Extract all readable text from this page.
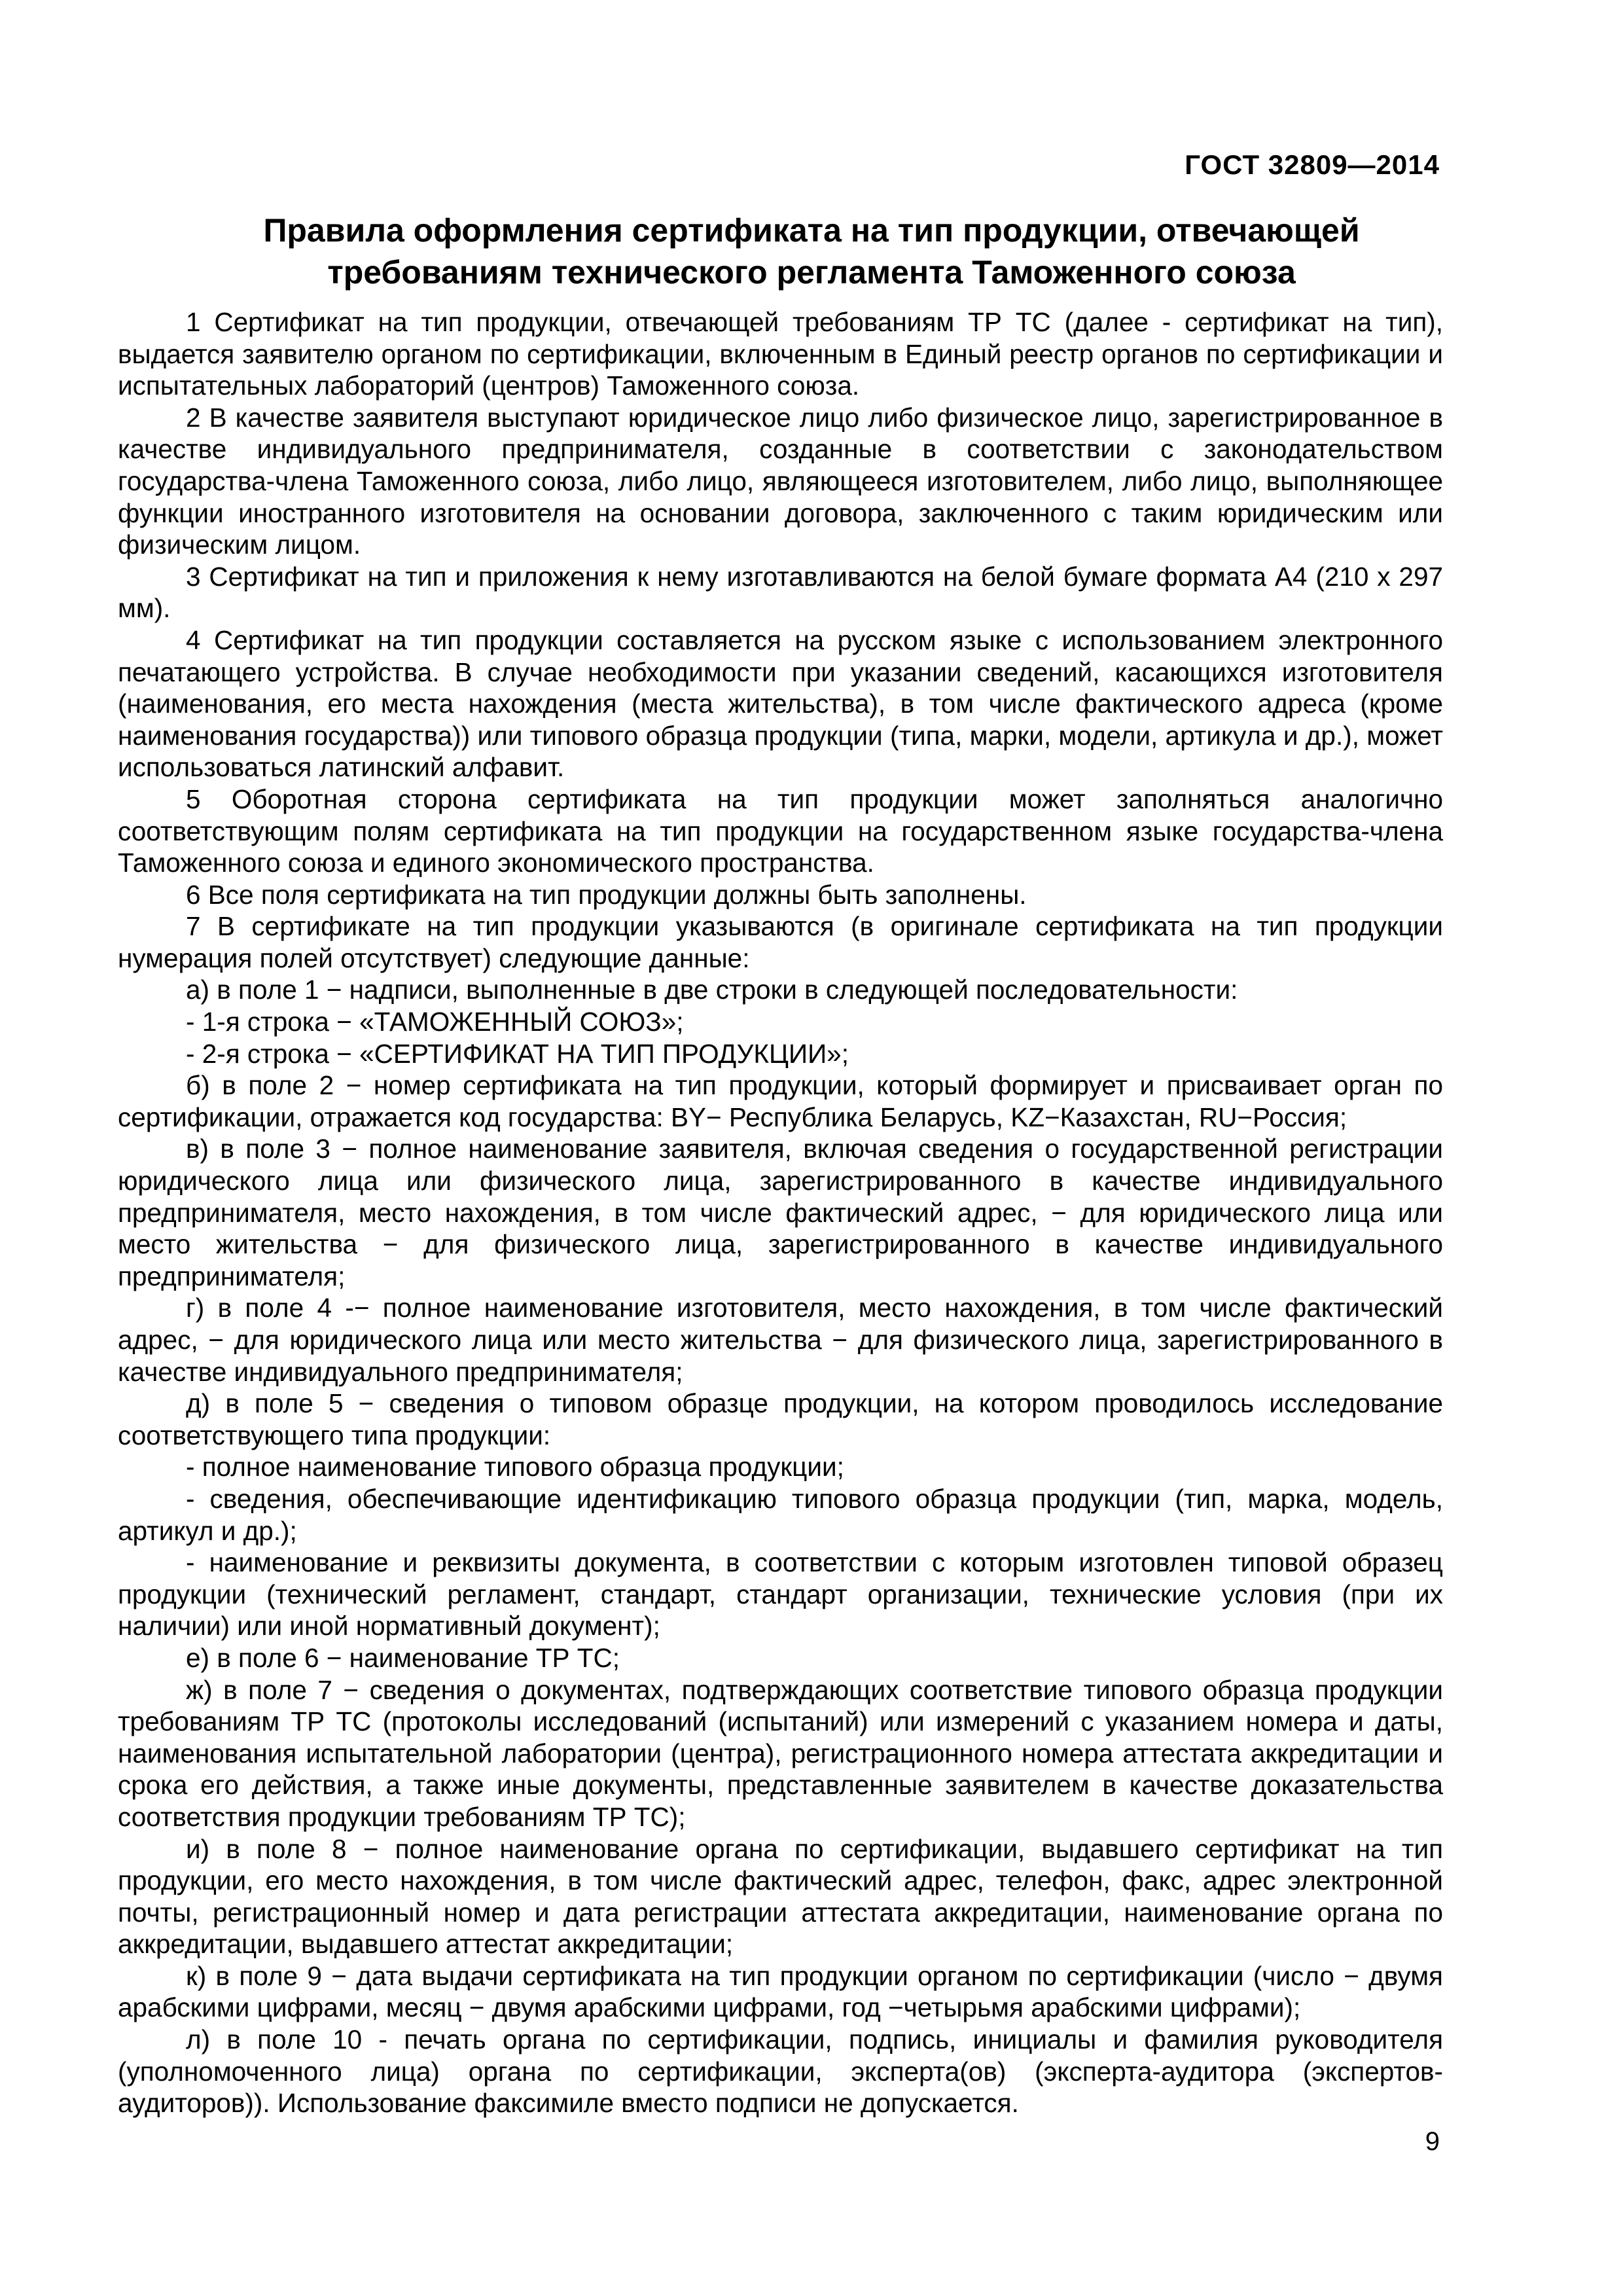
ГОСТ 32809—2014
Правила оформления сертификата на тип продукции, отвечающей
требованиям технического регламента Таможенного союза

1 Сертификат на тип продукции, отвечающей требованиям ТР ТС (далее - сертификат на тип), выдается заявителю органом по сертификации, включенным в Единый реестр органов по сертификации и испытательных лабораторий (центров) Таможенного союза.

2 В качестве заявителя выступают юридическое лицо либо физическое лицо, зарегистрированное в качестве индивидуального предпринимателя, созданные в соответствии с законодательством государства-члена Таможенного союза, либо лицо, являющееся изготовителем, либо лицо, выполняющее функции иностранного изготовителя на основании договора, заключенного с таким юридическим или физическим лицом.

3 Сертификат на тип и приложения к нему изготавливаются на белой бумаге формата А4 (210 х 297 мм).

4 Сертификат на тип продукции составляется на русском языке с использованием электронного печатающего устройства. В случае необходимости при указании сведений, касающихся изготовителя (наименования, его места нахождения (места жительства), в том числе фактического адреса (кроме наименования государства)) или типового образца продукции (типа, марки, модели, артикула и др.), может использоваться латинский алфавит.

5 Оборотная сторона сертификата на тип продукции может заполняться аналогично соответствующим полям сертификата на тип продукции на государственном языке государства-члена Таможенного союза и единого экономического пространства.

6 Все поля сертификата на тип продукции должны быть заполнены.

7 В сертификате на тип продукции указываются (в оригинале сертификата на тип продукции нумерация полей отсутствует) следующие данные:

а) в поле 1 − надписи, выполненные в две строки в следующей последовательности:

- 1-я строка − «ТАМОЖЕННЫЙ СОЮЗ»;

- 2-я строка − «СЕРТИФИКАТ НА ТИП ПРОДУКЦИИ»;

б) в поле 2 − номер сертификата на тип продукции, который формирует и присваивает орган по сертификации, отражается код государства: BY− Республика Беларусь, KZ−Казахстан, RU−Россия;

в) в поле 3 − полное наименование заявителя, включая сведения о государственной регистрации юридического лица или физического лица, зарегистрированного в качестве индивидуального предпринимателя, место нахождения, в том числе фактический адрес, − для юридического лица или место жительства − для физического лица, зарегистрированного в качестве индивидуального предпринимателя;

г) в поле 4 -− полное наименование изготовителя, место нахождения, в том числе фактический адрес, − для юридического лица или место жительства − для физического лица, зарегистрированного в качестве индивидуального предпринимателя;

д) в поле 5 − сведения о типовом образце продукции, на котором проводилось исследование соответствующего типа продукции:

- полное наименование типового образца продукции;

- сведения, обеспечивающие идентификацию типового образца продукции (тип, марка, модель, артикул и др.);

- наименование и реквизиты документа, в соответствии с которым изготовлен типовой образец продукции (технический регламент, стандарт, стандарт организации, технические условия (при их наличии) или иной нормативный документ);

е) в поле 6 − наименование ТР ТС;

ж) в поле 7 − сведения о документах, подтверждающих соответствие типового образца продукции требованиям ТР ТС (протоколы исследований (испытаний) или измерений с указанием номера и даты, наименования испытательной лаборатории (центра), регистрационного номера аттестата аккредитации и срока его действия, а также иные документы, представленные заявителем в качестве доказательства соответствия продукции требованиям ТР ТС);

и) в поле 8 − полное наименование органа по сертификации, выдавшего сертификат на тип продукции, его место нахождения, в том числе фактический адрес, телефон, факс, адрес электронной почты, регистрационный номер и дата регистрации аттестата аккредитации, наименование органа по аккредитации, выдавшего аттестат аккредитации;

к) в поле 9 − дата выдачи сертификата на тип продукции органом по сертификации (число − двумя арабскими цифрами, месяц − двумя арабскими цифрами, год −четырьмя арабскими цифрами);

л) в поле 10 - печать органа по сертификации, подпись, инициалы и фамилия руководителя (уполномоченного лица) органа по сертификации, эксперта(ов) (эксперта-аудитора (экспертов-аудиторов)). Использование факсимиле вместо подписи не допускается.

9
